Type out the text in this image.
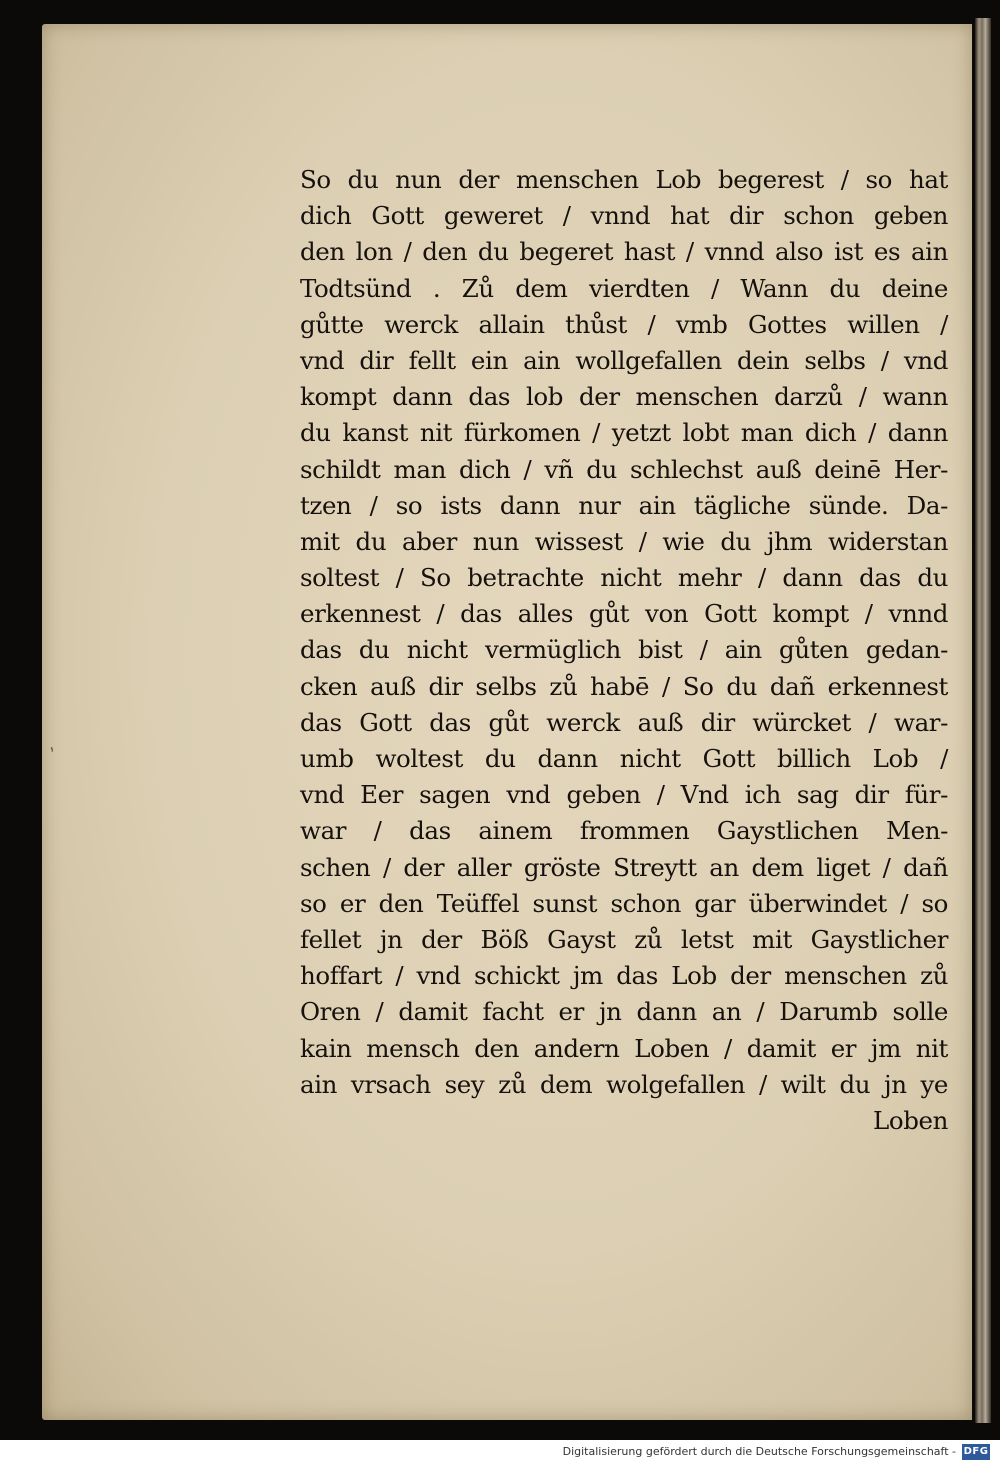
So du nun der menschen Lob begerest / so hat
dich Gott geweret / vnnd hat dir schon geben
den lon / den du begeret hast / vnnd also ist es ain
Todtsünd . Zů dem vierdten / Wann du deine
gůtte werck allain thůst / vmb Gottes willen /
vnd dir fellt ein ain wollgefallen dein selbs / vnd
kompt dann das lob der menschen darzů / wann
du kanst nit fürkomen / yetzt lobt man dich / dann
schildt man dich / vñ du schlechst auß deinē Her-
tzen / so ists dann nur ain tägliche sünde. Da-
mit du aber nun wissest / wie du jhm widerstan
soltest / So betrachte nicht mehr / dann das du
erkennest / das alles gůt von Gott kompt / vnnd
das du nicht vermüglich bist / ain gůten gedan-
cken auß dir selbs zů habē / So du dañ erkennest
das Gott das gůt werck auß dir würcket / war-
umb woltest du dann nicht Gott billich Lob /
vnd Eer sagen vnd geben / Vnd ich sag dir für-
war / das ainem frommen Gaystlichen Men-
schen / der aller gröste Streytt an dem liget / dañ
so er den Teüffel sunst schon gar überwindet / so
fellet jn der Böß Gayst zů letst mit Gaystlicher
hoffart / vnd schickt jm das Lob der menschen zů
Oren / damit facht er jn dann an / Darumb solle
kain mensch den andern Loben / damit er jm nit
ain vrsach sey zů dem wolgefallen / wilt du jn ye
Loben
ʼ
Digitalisierung gefördert durch die Deutsche Forschungsgemeinschaft - DFG
